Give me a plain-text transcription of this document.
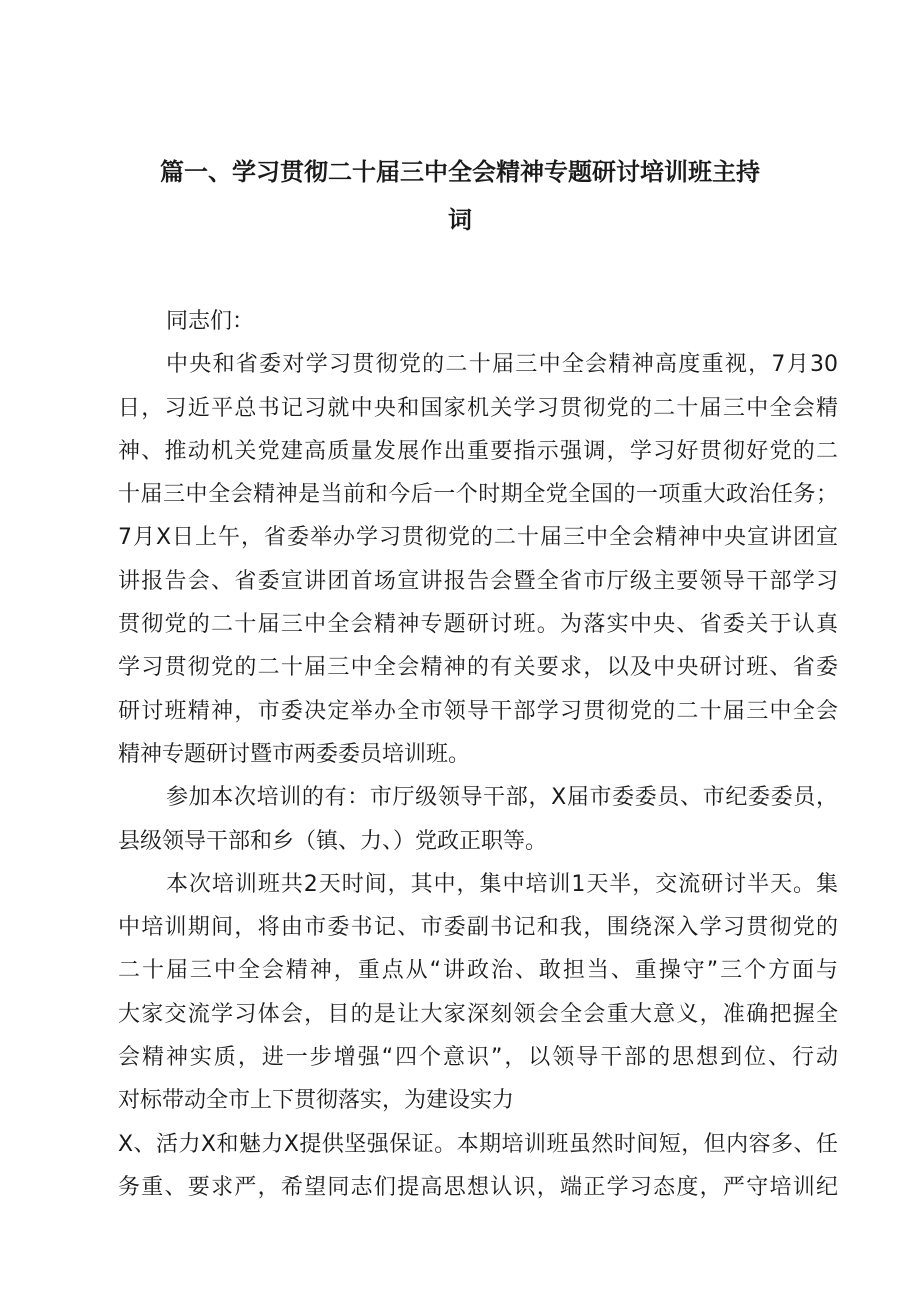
篇一、学习贯彻二十届三中全会精神专题研讨培训班主持
词
同志们：
中央和省委对学习贯彻党的二十届三中全会精神高度重视，7月30
日，习近平总书记习就中央和国家机关学习贯彻党的二十届三中全会精
神、推动机关党建高质量发展作出重要指示强调，学习好贯彻好党的二
十届三中全会精神是当前和今后一个时期全党全国的一项重大政治任务；
7月X日上午，省委举办学习贯彻党的二十届三中全会精神中央宣讲团宣
讲报告会、省委宣讲团首场宣讲报告会暨全省市厅级主要领导干部学习
贯彻党的二十届三中全会精神专题研讨班。为落实中央、省委关于认真
学习贯彻党的二十届三中全会精神的有关要求，以及中央研讨班、省委
研讨班精神，市委决定举办全市领导干部学习贯彻党的二十届三中全会
精神专题研讨暨市两委委员培训班。
参加本次培训的有：市厅级领导干部，X届市委委员、市纪委委员，
县级领导干部和乡（镇、力、）党政正职等。
本次培训班共2天时间，其中，集中培训1天半，交流研讨半天。集
中培训期间，将由市委书记、市委副书记和我，围绕深入学习贯彻党的
二十届三中全会精神，重点从“讲政治、敢担当、重操守”三个方面与
大家交流学习体会，目的是让大家深刻领会全会重大意义，准确把握全
会精神实质，进一步增强“四个意识”，以领导干部的思想到位、行动
对标带动全市上下贯彻落实，为建设实力
X、活力X和魅力X提供坚强保证。本期培训班虽然时间短，但内容多、任
务重、要求严，希望同志们提高思想认识，端正学习态度，严守培训纪
